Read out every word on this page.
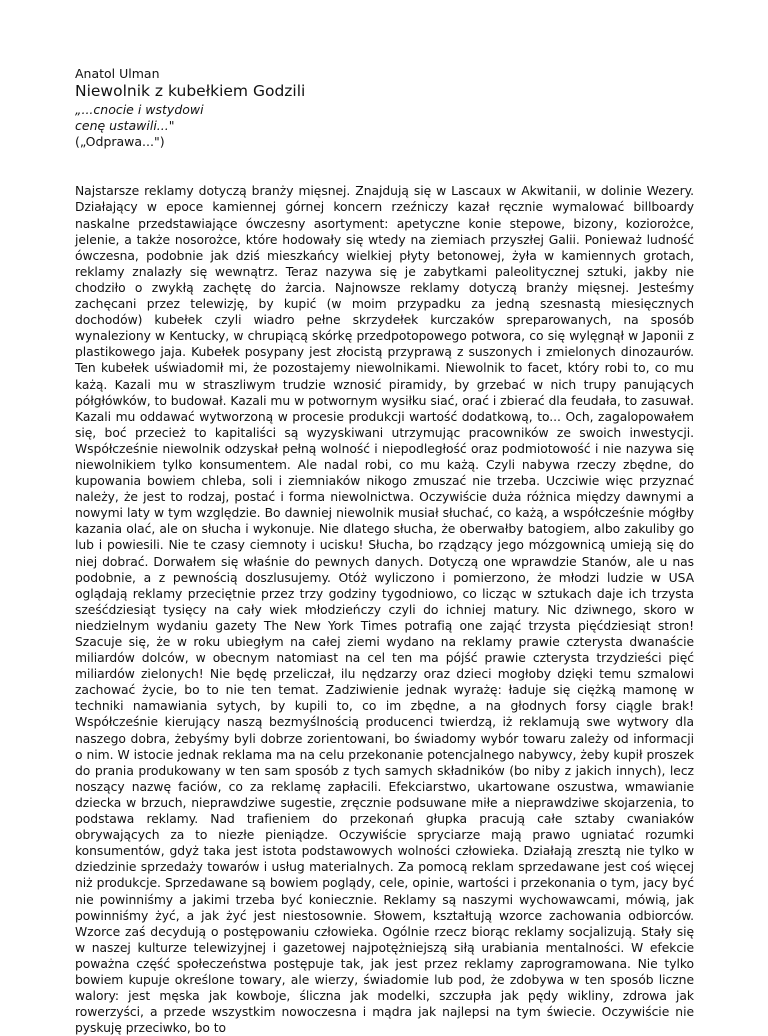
Anatol Ulman

Niewolnik z kubełkiem Godzili

„...cnocie i wstydowi

cenę ustawili..."

(„Odprawa...")

Najstarsze reklamy dotyczą branży mięsnej. Znajdują się w Lascaux w Akwitanii, w dolinie Wezery. Działający w epoce kamiennej górnej koncern rzeźniczy kazał ręcznie wymalować billboardy naskalne przedstawiające ówczesny asortyment: apetyczne konie stepowe, bizony, koziorożce, jelenie, a także nosorożce, które hodowały się wtedy na ziemiach przyszłej Galii. Ponieważ ludność ówczesna, podobnie jak dziś mieszkańcy wielkiej płyty betonowej, żyła w kamiennych grotach, reklamy znalazły się wewnątrz. Teraz nazywa się je zabytkami paleolitycznej sztuki, jakby nie chodziło o zwykłą zachętę do żarcia. Najnowsze reklamy dotyczą branży mięsnej. Jesteśmy zachęcani przez telewizję, by kupić (w moim przypadku za jedną szesnastą miesięcznych dochodów) kubełek czyli wiadro pełne skrzydełek kurczaków spreparowanych, na sposób wynaleziony w Kentucky, w chrupiącą skórkę przedpotopowego potwora, co się wylęgnął w Japonii z plastikowego jaja. Kubełek posypany jest złocistą przyprawą z suszonych i zmielonych dinozaurów. Ten kubełek uświadomił mi, że pozostajemy niewolnikami. Niewolnik to facet, który robi to, co mu każą. Kazali mu w straszliwym trudzie wznosić piramidy, by grzebać w nich trupy panujących półgłówków, to budował. Kazali mu w potwornym wysiłku siać, orać i zbierać dla feudała, to zasuwał. Kazali mu oddawać wytworzoną w procesie produkcji wartość dodatkową, to... Och, zagalopowałem się, boć przecież to kapitaliści są wyzyskiwani utrzymując pracowników ze swoich inwestycji. Współcześnie niewolnik odzyskał pełną wolność i niepodległość oraz podmiotowość i nie nazywa się niewolnikiem tylko konsumentem. Ale nadal robi, co mu każą. Czyli nabywa rzeczy zbędne, do kupowania bowiem chleba, soli i ziemniaków nikogo zmuszać nie trzeba. Uczciwie więc przyznać należy, że jest to rodzaj, postać i forma niewolnictwa. Oczywiście duża różnica między dawnymi a nowymi laty w tym względzie. Bo dawniej niewolnik musiał słuchać, co każą, a współcześnie mógłby kazania olać, ale on słucha i wykonuje. Nie dlatego słucha, że oberwałby batogiem, albo zakuliby go lub i powiesili. Nie te czasy ciemnoty i ucisku! Słucha, bo rządzący jego mózgownicą umieją się do niej dobrać. Dorwałem się właśnie do pewnych danych. Dotyczą one wprawdzie Stanów, ale u nas podobnie, a z pewnością doszlusujemy. Otóż wyliczono i pomierzono, że młodzi ludzie w USA oglądają reklamy przeciętnie przez trzy godziny tygodniowo, co licząc w sztukach daje ich trzysta sześćdziesiąt tysięcy na cały wiek młodzieńczy czyli do ichniej matury. Nic dziwnego, skoro w niedzielnym wydaniu gazety The New York Times potrafią one zająć trzysta pięćdziesiąt stron! Szacuje się, że w roku ubiegłym na całej ziemi wydano na reklamy prawie czterysta dwanaście miliardów dolców, w obecnym natomiast na cel ten ma pójść prawie czterysta trzydzieści pięć miliardów zielonych! Nie będę przeliczał, ilu nędzarzy oraz dzieci mogłoby dzięki temu szmalowi zachować życie, bo to nie ten temat. Zadziwienie jednak wyrażę: ładuje się ciężką mamonę w techniki namawiania sytych, by kupili to, co im zbędne, a na głodnych forsy ciągle brak! Współcześnie kierujący naszą bezmyślnością producenci twierdzą, iż reklamują swe wytwory dla naszego dobra, żebyśmy byli dobrze zorientowani, bo świadomy wybór towaru zależy od informacji o nim. W istocie jednak reklama ma na celu przekonanie potencjalnego nabywcy, żeby kupił proszek do prania produkowany w ten sam sposób z tych samych składników (bo niby z jakich innych), lecz noszący nazwę faciów, co za reklamę zapłacili. Efekciarstwo, ukartowane oszustwa, wmawianie dziecka w brzuch, nieprawdziwe sugestie, zręcznie podsuwane miłe a nieprawdziwe skojarzenia, to podstawa reklamy. Nad trafieniem do przekonań głupka pracują całe sztaby cwaniaków obrywających za to niezłe pieniądze. Oczywiście spryciarze mają prawo ugniatać rozumki konsumentów, gdyż taka jest istota podstawowych wolności człowieka. Działają zresztą nie tylko w dziedzinie sprzedaży towarów i usług materialnych. Za pomocą reklam sprzedawane jest coś więcej niż produkcje. Sprzedawane są bowiem poglądy, cele, opinie, wartości i przekonania o tym, jacy być nie powinniśmy a jakimi trzeba być koniecznie. Reklamy są naszymi wychowawcami, mówią, jak powinniśmy żyć, a jak żyć jest niestosownie. Słowem, kształtują wzorce zachowania odbiorców. Wzorce zaś decydują o postępowaniu człowieka. Ogólnie rzecz biorąc reklamy socjalizują. Stały się w naszej kulturze telewizyjnej i gazetowej najpotężniejszą siłą urabiania mentalności. W efekcie poważna część społeczeństwa postępuje tak, jak jest przez reklamy zaprogramowana. Nie tylko bowiem kupuje określone towary, ale wierzy, świadomie lub pod, że zdobywa w ten sposób liczne walory: jest męska jak kowboje, śliczna jak modelki, szczupła jak pędy wikliny, zdrowa jak rowerzyści, a przede wszystkim nowoczesna i mądra jak najlepsi na tym świecie. Oczywiście nie pyskuję przeciwko, bo to
